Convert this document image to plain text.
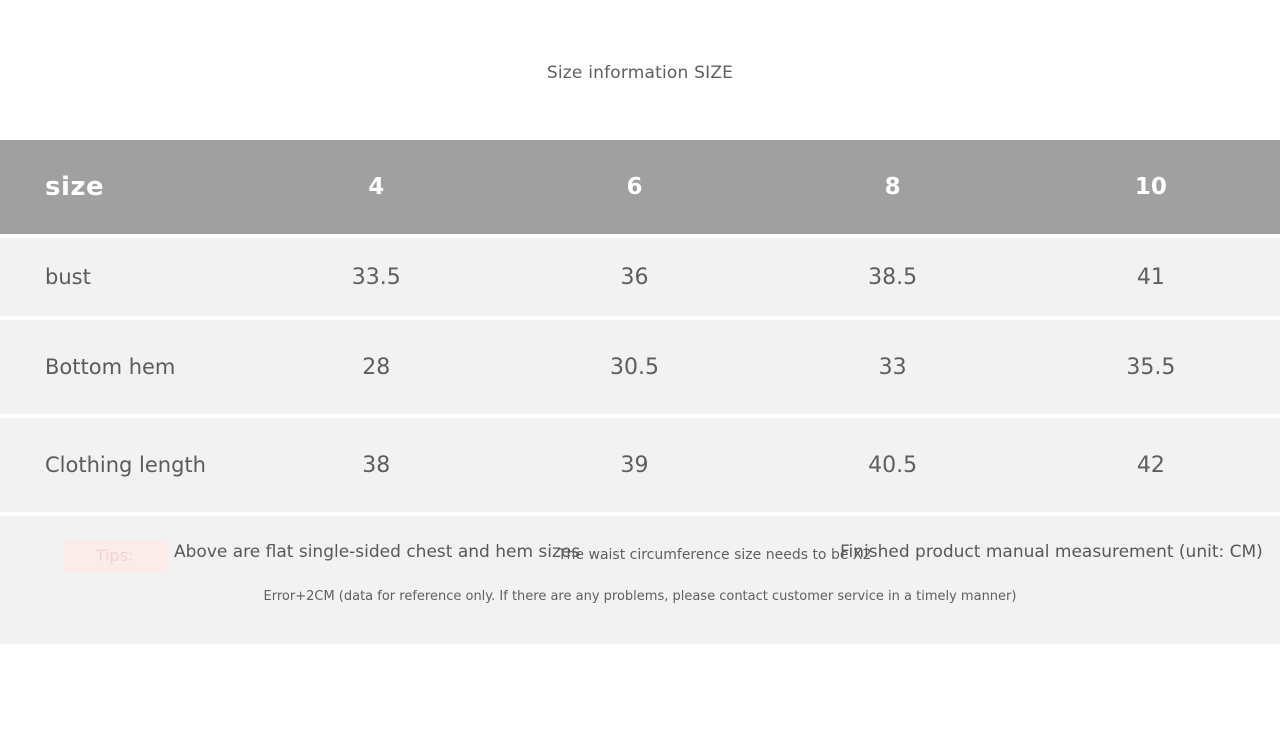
Size information SIZE
size	4	6	8	10
bust	33.5	36	38.5	41
Bottom hem	28	30.5	33	35.5
Clothing length	38	39	40.5	42

Tips: Above are flat single-sided chest and hem sizes
The waist circumference size needs to be X2
Finished product manual measurement (unit: CM)
Error+2CM (data for reference only. If there are any problems, please contact customer service in a timely manner)				
